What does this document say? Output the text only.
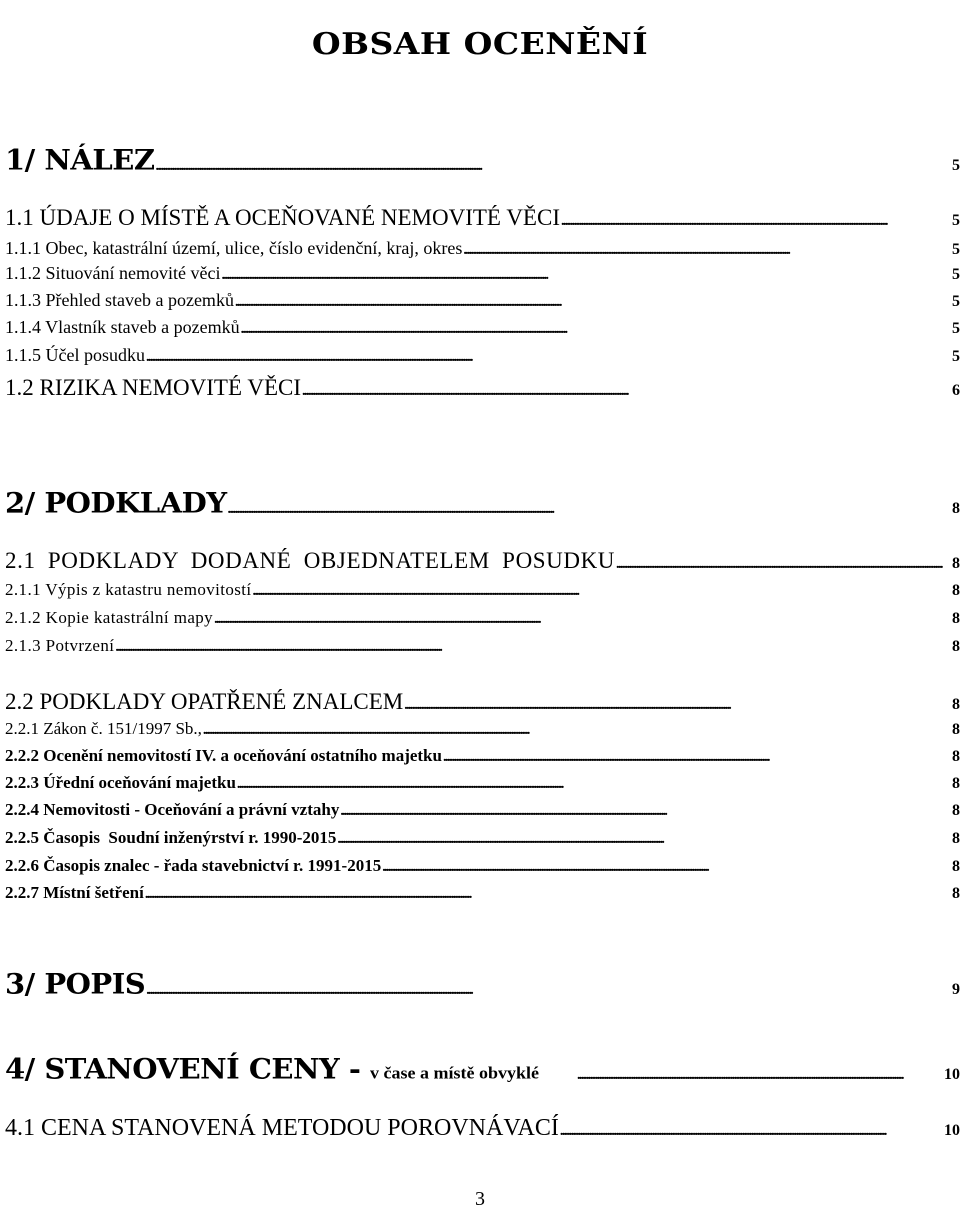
OBSAH OCENĚNÍ
1/ NÁLEZ . . .	5
1.1 ÚDAJE O MÍSTĚ A OCEŇOVANÉ NEMOVITÉ VĚCI . . .	5
1.1.1 Obec, katastrální území, ulice, číslo evidenční, kraj, okres . . .	5
1.1.2 Situování nemovité věci . . .	5
1.1.3 Přehled staveb a pozemků . . .	5
1.1.4 Vlastník staveb a pozemků . . .	5
1.1.5 Účel posudku . . .	5
1.2 RIZIKA NEMOVITÉ VĚCI . . .	6
2/ PODKLADY . . .	8
2.1 PODKLADY DODANÉ OBJEDNATELEM POSUDKU . . .	8
2.1.1 Výpis z katastru nemovitostí . . .	8
2.1.2 Kopie katastrální mapy . . .	8
2.1.3 Potvrzení . . .	8
2.2 PODKLADY OPATŘENÉ ZNALCEM . . .	8
2.2.1 Zákon č. 151/1997 Sb., . . .	8
2.2.2 Ocenění nemovitostí IV. a oceňování ostatního majetku . . .	8
2.2.3 Úřední oceňování majetku . . .	8
2.2.4 Nemovitosti - Oceňování a právní vztahy . . .	8
2.2.5 Časopis  Soudní inženýrství r. 1990-2015 . . .	8
2.2.6 Časopis znalec - řada stavebnictví r. 1991-2015 . . .	8
2.2.7 Místní šetření . . .	8
3/ POPIS . . .	9
4/ STANOVENÍ CENY - v čase a místě obvyklé . . .	10
4.1 CENA STANOVENÁ METODOU POROVNÁVACÍ . . .	10
3
